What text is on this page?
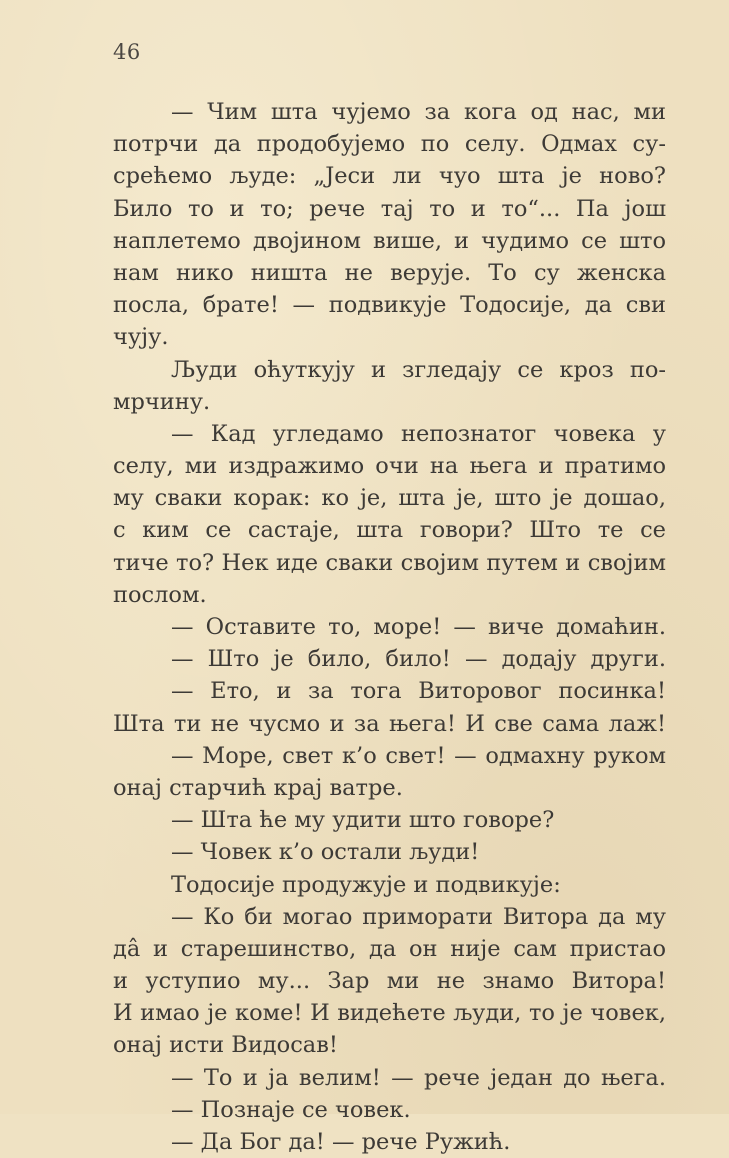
46
— Чим шта чујемо за кога од нас, ми
потрчи да продобујемо по селу. Одмах су-
срећемо људе: „Јеси ли чуо шта је ново?
Било то и то; рече тај то и то“... Па још
наплетемо двојином више, и чудимо се што
нам нико ништа не верује. То су женска
посла, брате! — подвикује Тодосије, да сви
чују.
Људи оћуткују и згледају се кроз по-
мрчину.
— Кад угледамо непознатог човека у
селу, ми издражимо очи на њега и пратимо
му сваки корак: ко је, шта је, што је дошао,
с ким се састаје, шта говори? Што те се
тиче то? Нек иде сваки својим путем и својим
послом.
— Оставите то, море! — виче домаћин.
— Што је било, било! — додају други.
— Ето, и за тога Виторовог посинка!
Шта ти не чусмо и за њега! И све сама лаж!
— Море, свет к’о свет! — одмахну руком
онај старчић крај ватре.
— Шта ће му удити што говоре?
— Човек к’о остали људи!
Тодосије продужује и подвикује:
— Ко би могао приморати Витора да му
да̂ и старешинство, да он није сам пристао
и уступио му... Зар ми не знамо Витора!
И имао је коме! И видећете људи, то је човек,
онај исти Видосав!
— То и ја велим! — рече један до њега.
— Познаје се човек.
— Да Бог да! — рече Ружић.
